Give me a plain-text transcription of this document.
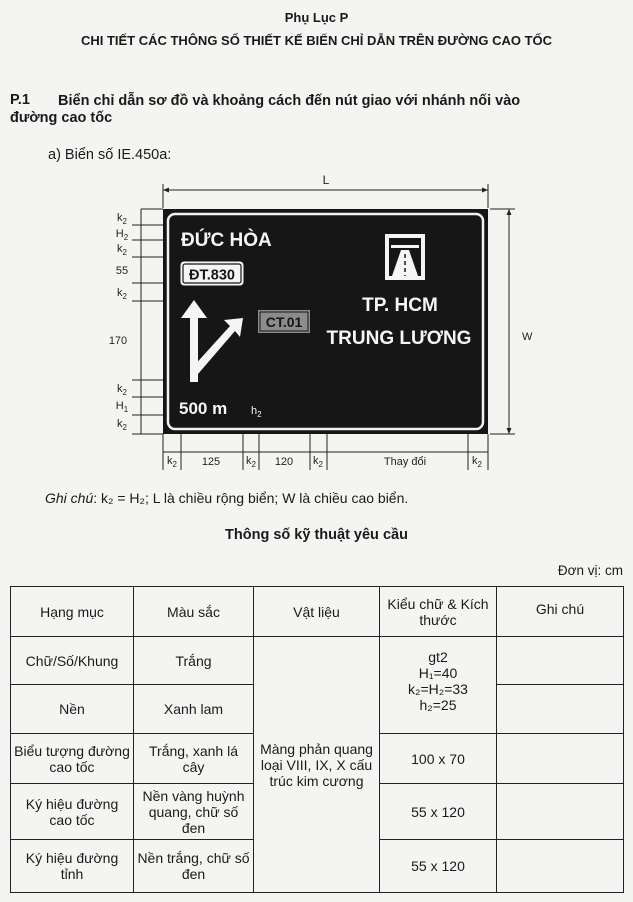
Phụ Lục P
CHI TIẾT CÁC THÔNG SỐ THIẾT KẾ BIỂN CHỈ DẪN TRÊN ĐƯỜNG CAO TỐC
P.1 Biển chỉ dẫn sơ đồ và khoảng cách đến nút giao với nhánh nối vào
đường cao tốc
a) Biển số IE.450a:
L
W
$k_2$
$H_2$
$k_2$
55
$k_2$
170
$k_2$
$H_1$
$k_2$
$k_2$ 125 $k_2$ 120 $k_2$	Thay đổi	$k_2$
ĐỨC HÒA
ĐT.830
CT.01
TP. HCM
TRUNG LƯƠNG
500 m $h_2$
Ghi chú: k₂ = H₂; L là chiều rộng biển; W là chiều cao biển.
Thông số kỹ thuật yêu cầu
Đơn vị: cm
Hạng mục	Màu sắc	Vật liệu	Kiểu chữ & Kích thước	Ghi chú
Chữ/Số/Khung	Trắng	Màng phản quang loại VIII, IX, X cấu trúc kim cương	gt2
H₁=40
k₂=H₂=33
h₂=25	

Nền	Xanh lam			
Biểu tượng đường cao tốc	Trắng, xanh lá cây		100 x 70	
Ký hiệu đường cao tốc	Nền vàng huỳnh quang, chữ số đen		55 x 120	
Ký hiệu đường tỉnh	Nền trắng, chữ số đen		55 x 120	
